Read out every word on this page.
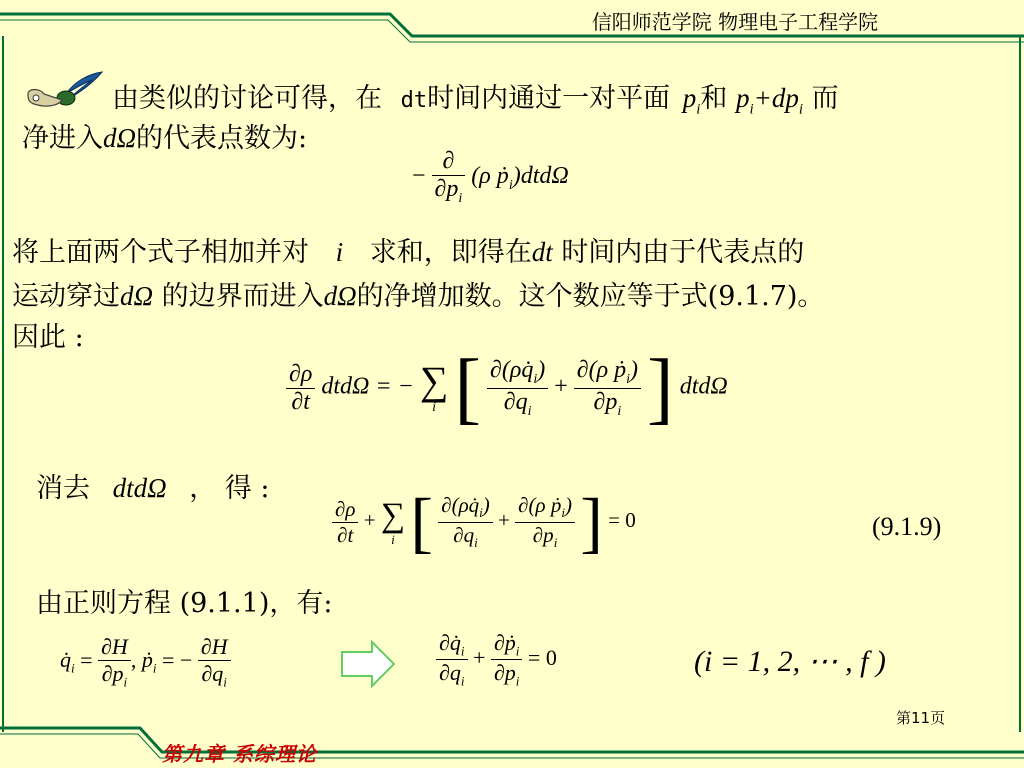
信阳师范学院 物理电子工程学院
由类似的讨论可得，在 dt时间内通过一对平面 $p_i$和 $p_i+dp_i$ 而
净进入dΩ的代表点数为:
− $\frac{\partial}{\partial p_i} (\rho$ ṗ$_i$)dtdΩ
将上面两个式子相加并对 i 求和，即得在dt 时间内由于代表点的
运动穿过dΩ 的边界而进入dΩ的净增加数。这个数应等于式(9.1.7)。
因此 :
$\frac{\partial\rho}{\partial t}$ dtdΩ = − ∑
i [ $\frac{\partial(\rho q̇_i)}{\partial q_i} + \frac{\partial(\rho ṗ_i)}{\partial p_i}$ ] dtdΩ
消去 dtdΩ ， 得 :
$\frac{\partial\rho}{\partial t}$ + ∑
i [ $\frac{\partial(\rho q̇_i)}{\partial q_i} + \frac{\partial(\rho ṗ_i)}{\partial p_i}$ ] = 0	(9.1.9)
由正则方程 (9.1.1)，有:
$q̇_i = \frac{\partial H}{\partial p_i}$ , ṗ$_i$ = − $\frac{\partial H}{\partial q_i}$	$\frac{\partial q̇_i}{\partial q_i} + \frac{\partial ṗ_i}{\partial p_i} = 0$	(i = 1, 2, ⋯ , f )
第11页
第九章 系综理论
